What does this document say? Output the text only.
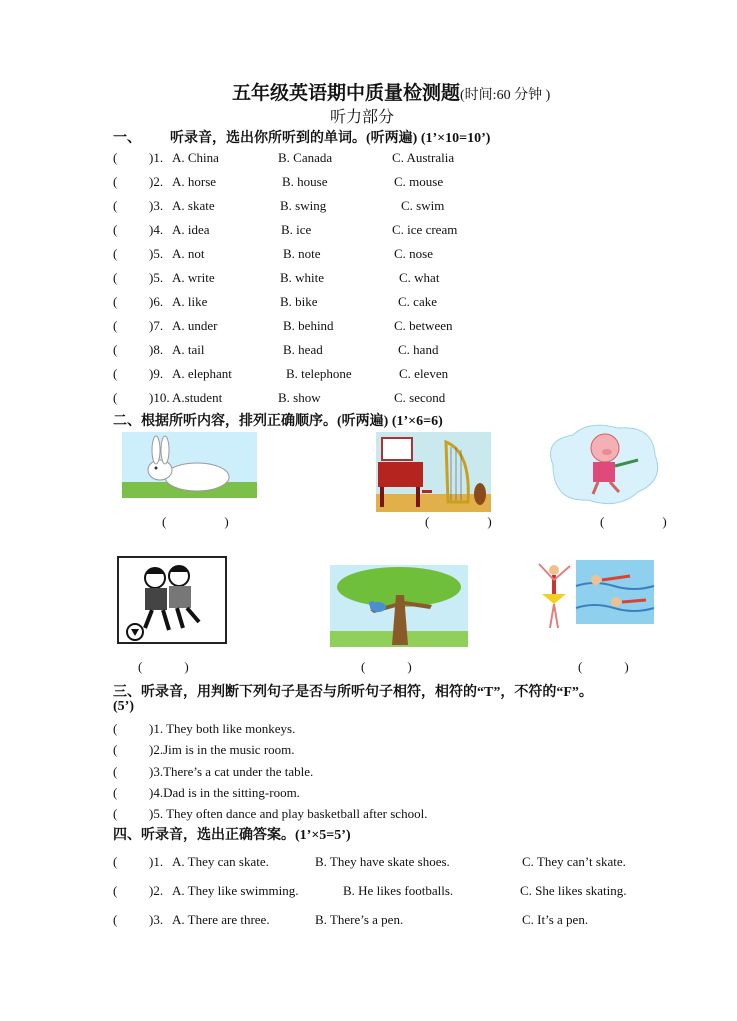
五年级英语期中质量检测题(时间:60 分钟 )
听力部分
一、 听录音，选出你所听到的单词。(听两遍) (1’×10=10’)
( )1. A. China	B. Canada	C. Australia
( )2. A. horse	B. house	C. mouse
( )3. A. skate	B. swing	C. swim
( )4. A. idea	B. ice	C. ice cream
( )5. A. not	B. note	C. nose
( )5. A. write	B. white	C. what
( )6. A. like	B. bike	C. cake
( )7. A. under	B. behind	C. between
( )8. A. tail	B. head	C. hand
( )9. A. elephant	B. telephone	C. eleven
( )10. A.student	B. show	C. second
二、根据所听内容，排列正确顺序。(听两遍) (1’×6=6)
(	)	(	)	(	)
(	)	(	)	(	)
三、听录音，用判断下列句子是否与所听句子相符，相符的“T”，不符的“F”。
(5’)
( )1. They both like monkeys.
( )2.Jim is in the music room.
( )3.There’s a cat under the table.
( )4.Dad is in the sitting-room.
( )5. They often dance and play basketball after school.
四、听录音，选出正确答案。(1’×5=5’)
( )1. A. They can skate.	B. They have skate shoes.	C. They can’t skate.
( )2. A. They like swimming.	B. He likes footballs.	C. She likes skating.
( )3. A. There are three.	B. There’s a pen.	C. It’s a pen.
